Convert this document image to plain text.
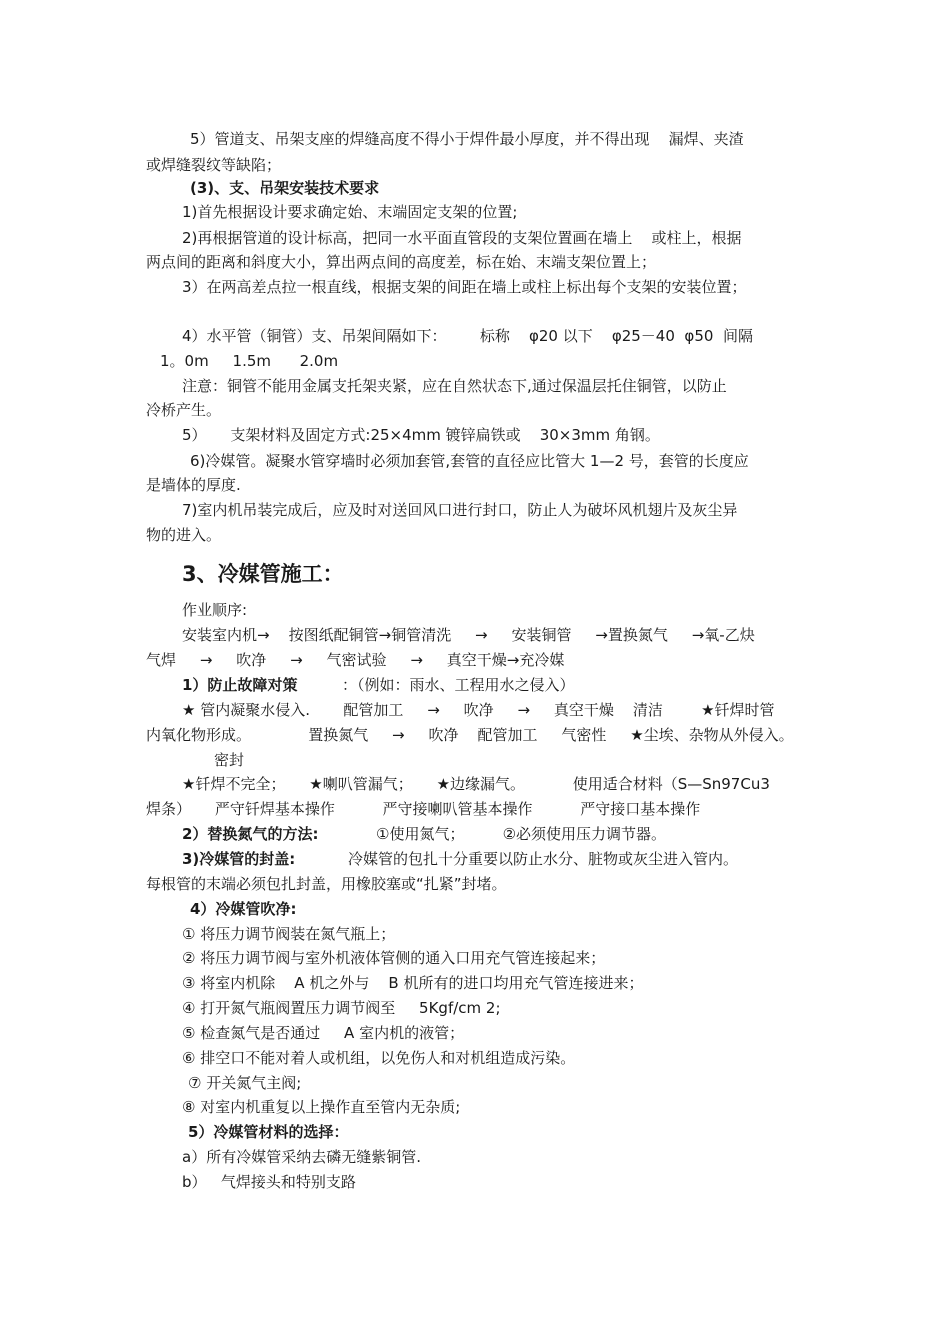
5）管道支、吊架支座的焊缝高度不得小于焊件最小厚度，并不得出现    漏焊、夹渣
或焊缝裂纹等缺陷；
(3)、支、吊架安装技术要求
1)首先根据设计要求确定始、末端固定支架的位置;
2)再根据管道的设计标高，把同一水平面直管段的支架位置画在墙上    或柱上，根据
两点间的距离和斜度大小，算出两点间的高度差，标在始、末端支架位置上；
3）在两高差点拉一根直线，根据支架的间距在墙上或柱上标出每个支架的安装位置；
4）水平管（铜管）支、吊架间隔如下：       标称    φ20 以下    φ25－40  φ50  间隔
1。0m     1.5m      2.0m
注意：铜管不能用金属支托架夹紧，应在自然状态下,通过保温层托住铜管，以防止
冷桥产生。
5）     支架材料及固定方式:25×4mm 镀锌扁铁或    30×3mm 角钢。
6)冷媒管。凝聚水管穿墙时必须加套管,套管的直径应比管大 1—2 号，套管的长度应
是墙体的厚度.
7)室内机吊装完成后，应及时对送回风口进行封口，防止人为破坏风机翅片及灰尘异
物的进入。
3、冷媒管施工：
作业顺序:
安装室内机→    按图纸配铜管→铜管清洗     →     安装铜管     →置换氮气     →氧-乙炔
气焊     →     吹净     →     气密试验     →     真空干燥→充冷媒
1）防止故障对策	：（例如：雨水、工程用水之侵入）
★ 管内凝聚水侵入.       配管加工     →     吹净     →     真空干燥    清洁        ★钎焊时管
内氧化物形成。            置换氮气     →     吹净    配管加工     气密性     ★尘埃、杂物从外侵入。
密封
★钎焊不完全；     ★喇叭管漏气；     ★边缘漏气。          使用适合材料（S—Sn97Cu3
焊条）     严守钎焊基本操作          严守接喇叭管基本操作          严守接口基本操作
2）替换氮气的方法:	①使用氮气；        ②必须使用压力调节器。
3)冷媒管的封盖:	冷媒管的包扎十分重要以防止水分、脏物或灰尘进入管内。
每根管的末端必须包扎封盖，用橡胶塞或“扎紧”封堵。
4）冷媒管吹净:
① 将压力调节阀装在氮气瓶上；
② 将压力调节阀与室外机液体管侧的通入口用充气管连接起来；
③ 将室内机除    A 机之外与    B 机所有的进口均用充气管连接进来；
④ 打开氮气瓶阀置压力调节阀至     5Kgf/cm 2;
⑤ 检查氮气是否通过     A 室内机的液管；
⑥ 排空口不能对着人或机组，以免伤人和对机组造成污染。
⑦ 开关氮气主阀;
⑧ 对室内机重复以上操作直至管内无杂质;
5）冷媒管材料的选择：
a）所有冷媒管采纳去磷无缝紫铜管.
b）   气焊接头和特别支路
